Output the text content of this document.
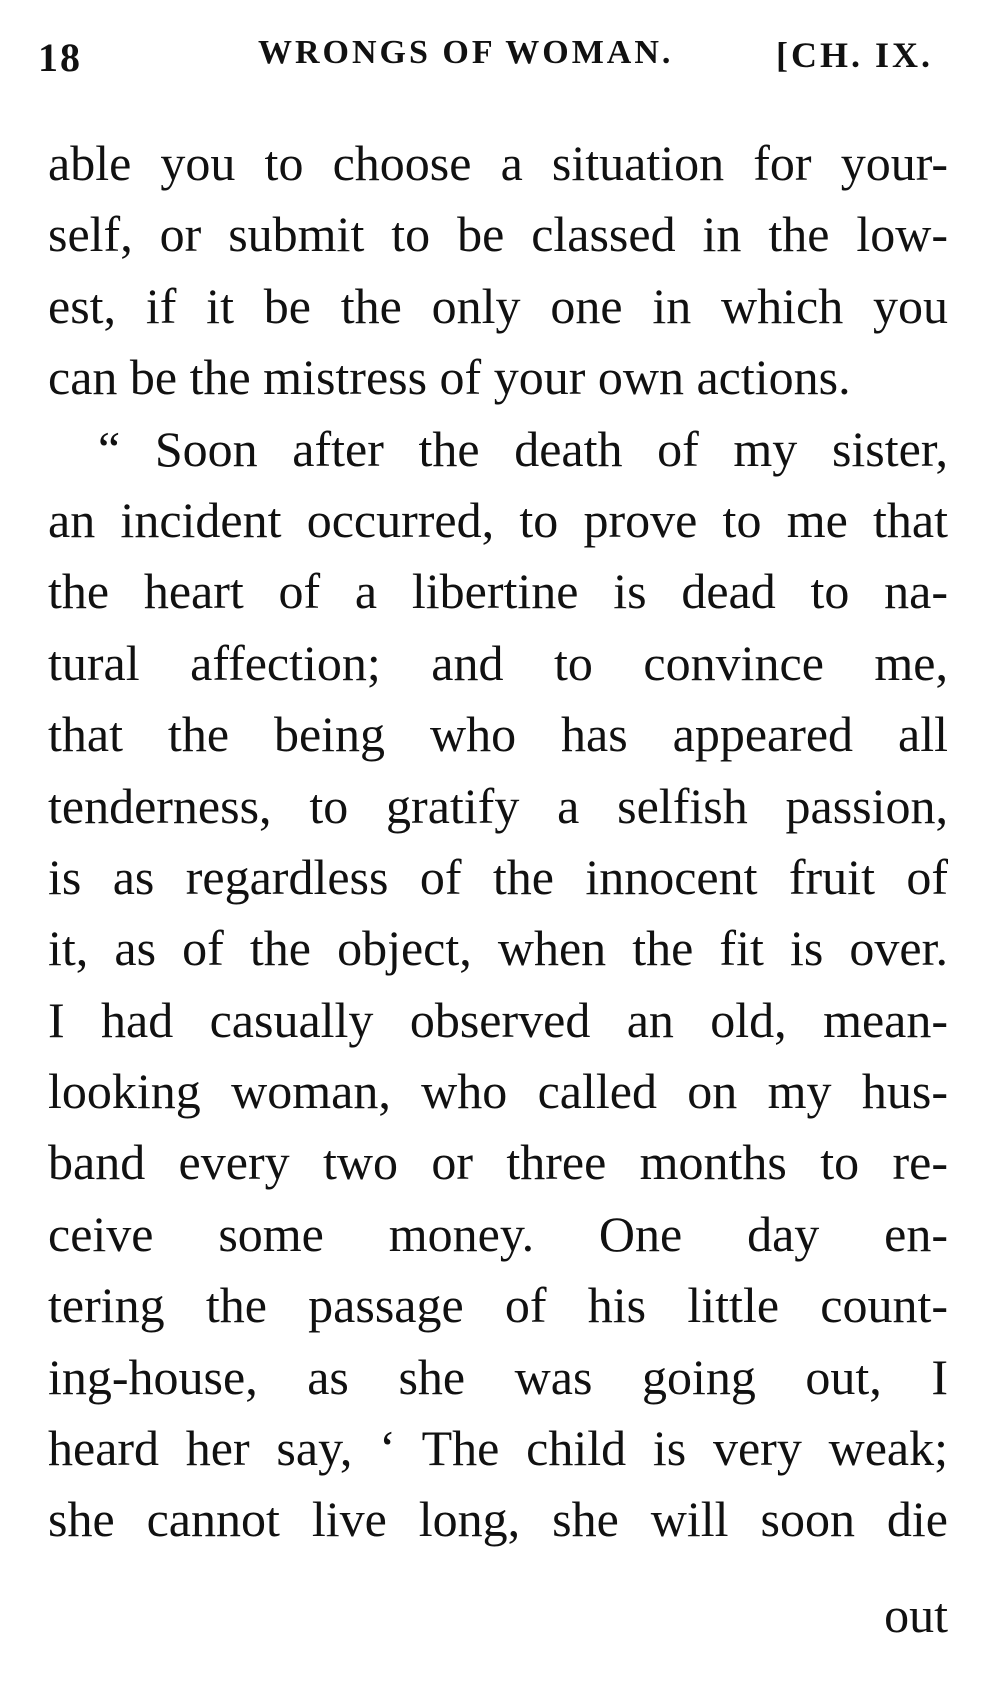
18	WRONGS OF WOMAN.	[CH. IX.
able you to choose a situation for your-
self, or submit to be classed in the low-
est, if it be the only one in which you
can be the mistress of your own actions.
“ Soon after the death of my sister,
an incident occurred, to prove to me that
the heart of a libertine is dead to na-
tural affection; and to convince me,
that the being who has appeared all
tenderness, to gratify a selfish passion,
is as regardless of the innocent fruit of
it, as of the object, when the fit is over.
I had casually observed an old, mean-
looking woman, who called on my hus-
band every two or three months to re-
ceive some money. One day en-
tering the passage of his little count-
ing-house, as she was going out, I
heard her say, ‘ The child is very weak;
she cannot live long, she will soon die
out
